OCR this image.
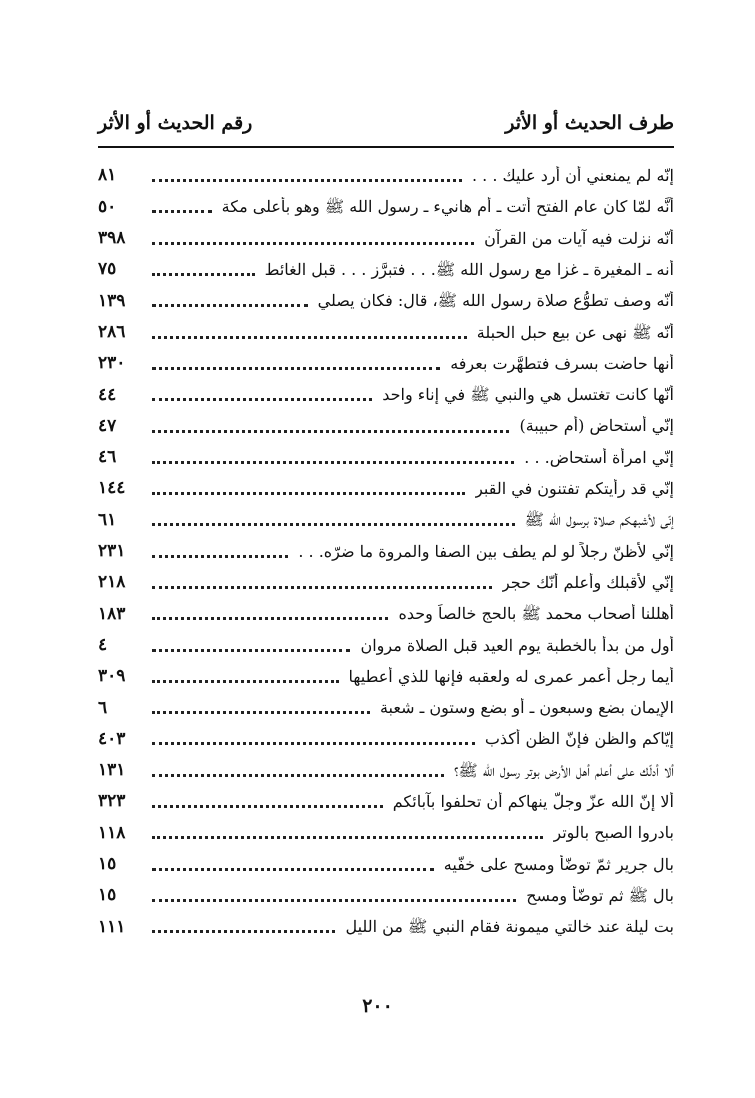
طرف الحديث أو الأثر
رقم الحديث أو الأثر
إنّه لم يمنعني أن أرد عليك . . .
٨١
أنَّه لمّا كان عام الفتح أتت ـ أم هانيء ـ رسول الله ﷺ وهو بأعلى مكة
٥٠
أنّه نزلت فيه آيات من القرآن
٣٩٨
أنه ـ المغيرة ـ غزا مع رسول الله ﷺ. . . فتبرَّز . . . قبل الغائط
٧٥
أنّه وصف تطوُّع صلاة رسول الله ﷺ، قال: فكان يصلي
١٣٩
أنّه ﷺ نهى عن بيع حبل الحبلة
٢٨٦
أنها حاضت بسرف فتطهَّرت بعرفه
٢٣٠
أنّها كانت تغتسل هي والنبي ﷺ في إناء واحد
٤٤
إنّي أستحاض (أم حبيبة)
٤٧
إنّي امرأة أستحاض. . .
٤٦
إنّي قد رأيتكم تفتنون في القبر
١٤٤
إنّي لأشبهكم صلاة برسول الله ﷺ
٦١
إنّي لأظنّ رجلاً لو لم يطف بين الصفا والمروة ما ضرّه. . .
٢٣١
إنّي لأقبلك وأعلم أنّك حجر
٢١٨
أهللنا أصحاب محمد ﷺ بالحج خالصاً وحده
١٨٣
أول من بدأ بالخطبة يوم العيد قبل الصلاة مروان
٤
أيما رجل أعمر عمرى له ولعقبه فإنها للذي أعطيها
٣٠٩
الإيمان بضع وسبعون ـ أو بضع وستون ـ شعبة
٦
إيّاكم والظن فإنّ الظن أكذب
٤٠٣
ألا أدلّك على أعلم أهل الأرض بوتر رسول الله ﷺ؟
١٣١
ألا إنّ الله عزّ وجلّ ينهاكم أن تحلفوا بآبائكم
٣٢٣
بادروا الصبح بالوتر
١١٨
بال جرير ثمّ توضّأ ومسح على خفّيه
١٥
بال ﷺ ثم توضّأ ومسح
١٥
بت ليلة عند خالتي ميمونة فقام النبي ﷺ من الليل
١١١
٢٠٠
